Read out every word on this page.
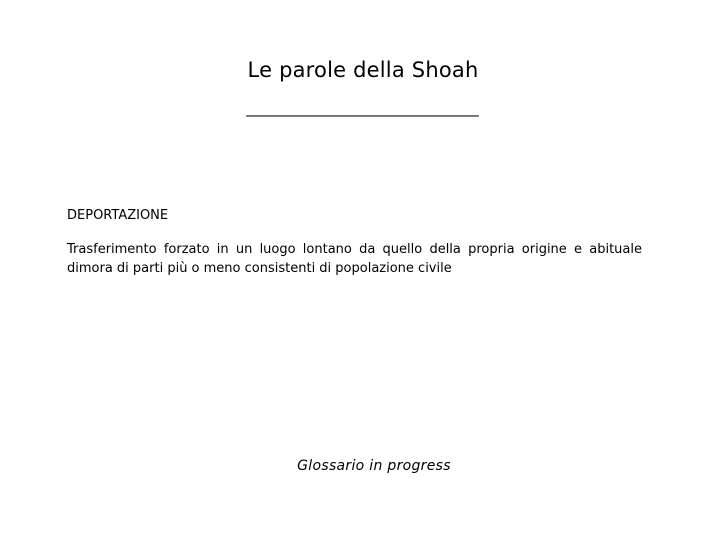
Le parole della Shoah
_______________________________

DEPORTAZIONE

Trasferimento forzato in un luogo lontano da quello della propria origine e abituale dimora di parti più o meno consistenti di popolazione civile

Glossario in progress
